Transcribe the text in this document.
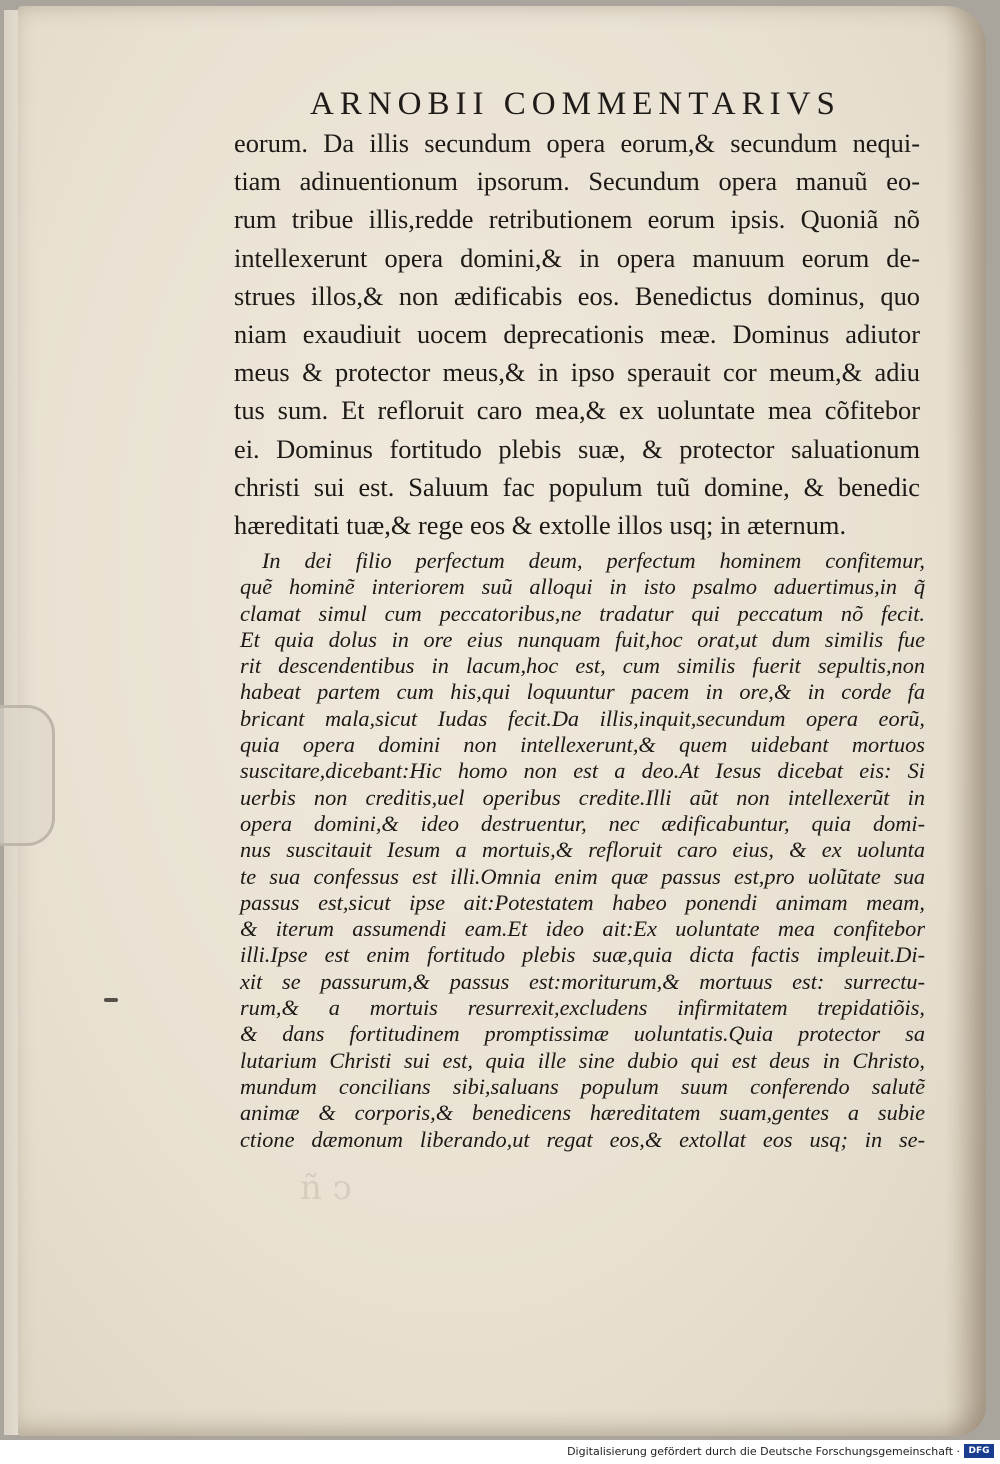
ñ ↄ
ARNOBII COMMENTARIVS
eorum. Da illis secundum opera eorum,& secundum nequi-
tiam adinuentionum ipsorum. Secundum opera manuũ eo-
rum tribue illis,redde retributionem eorum ipsis. Quoniã nõ
intellexerunt opera domini,& in opera manuum eorum de-
strues illos,& non ædificabis eos. Benedictus dominus, quo
niam exaudiuit uocem deprecationis meæ. Dominus adiutor
meus & protector meus,& in ipso sperauit cor meum,& adiu
tus sum. Et refloruit caro mea,& ex uoluntate mea cõfitebor
ei. Dominus fortitudo plebis suæ, & protector saluationum
christi sui est. Saluum fac populum tuũ domine, & benedic
hæreditati tuæ,& rege eos & extolle illos usq; in æternum.
In dei filio perfectum deum, perfectum hominem confitemur,
quẽ hominẽ interiorem suũ alloqui in isto psalmo aduertimus,in q̃
clamat simul cum peccatoribus,ne tradatur qui peccatum nõ fecit.
Et quia dolus in ore eius nunquam fuit,hoc orat,ut dum similis fue
rit descendentibus in lacum,hoc est, cum similis fuerit sepultis,non
habeat partem cum his,qui loquuntur pacem in ore,& in corde fa
bricant mala,sicut Iudas fecit.Da illis,inquit,secundum opera eorũ,
quia opera domini non intellexerunt,& quem uidebant mortuos
suscitare,dicebant:Hic homo non est a deo.At Iesus dicebat eis: Si
uerbis non creditis,uel operibus credite.Illi aũt non intellexerũt in
opera domini,& ideo destruentur, nec ædificabuntur, quia domi-
nus suscitauit Iesum a mortuis,& refloruit caro eius, & ex uolunta
te sua confessus est illi.Omnia enim quæ passus est,pro uolũtate sua
passus est,sicut ipse ait:Potestatem habeo ponendi animam meam,
& iterum assumendi eam.Et ideo ait:Ex uoluntate mea confitebor
illi.Ipse est enim fortitudo plebis suæ,quia dicta factis impleuit.Di-
xit se passurum,& passus est:moriturum,& mortuus est: surrectu-
rum,& a mortuis resurrexit,excludens infirmitatem trepidatiõis,
& dans fortitudinem promptissimæ uoluntatis.Quia protector sa
lutarium Christi sui est, quia ille sine dubio qui est deus in Christo,
mundum concilians sibi,saluans populum suum conferendo salutẽ
animæ & corporis,& benedicens hæreditatem suam,gentes a subie
ctione dæmonum liberando,ut regat eos,& extollat eos usq; in se-
Digitalisierung gefördert durch die Deutsche Forschungsgemeinschaft · DFG
